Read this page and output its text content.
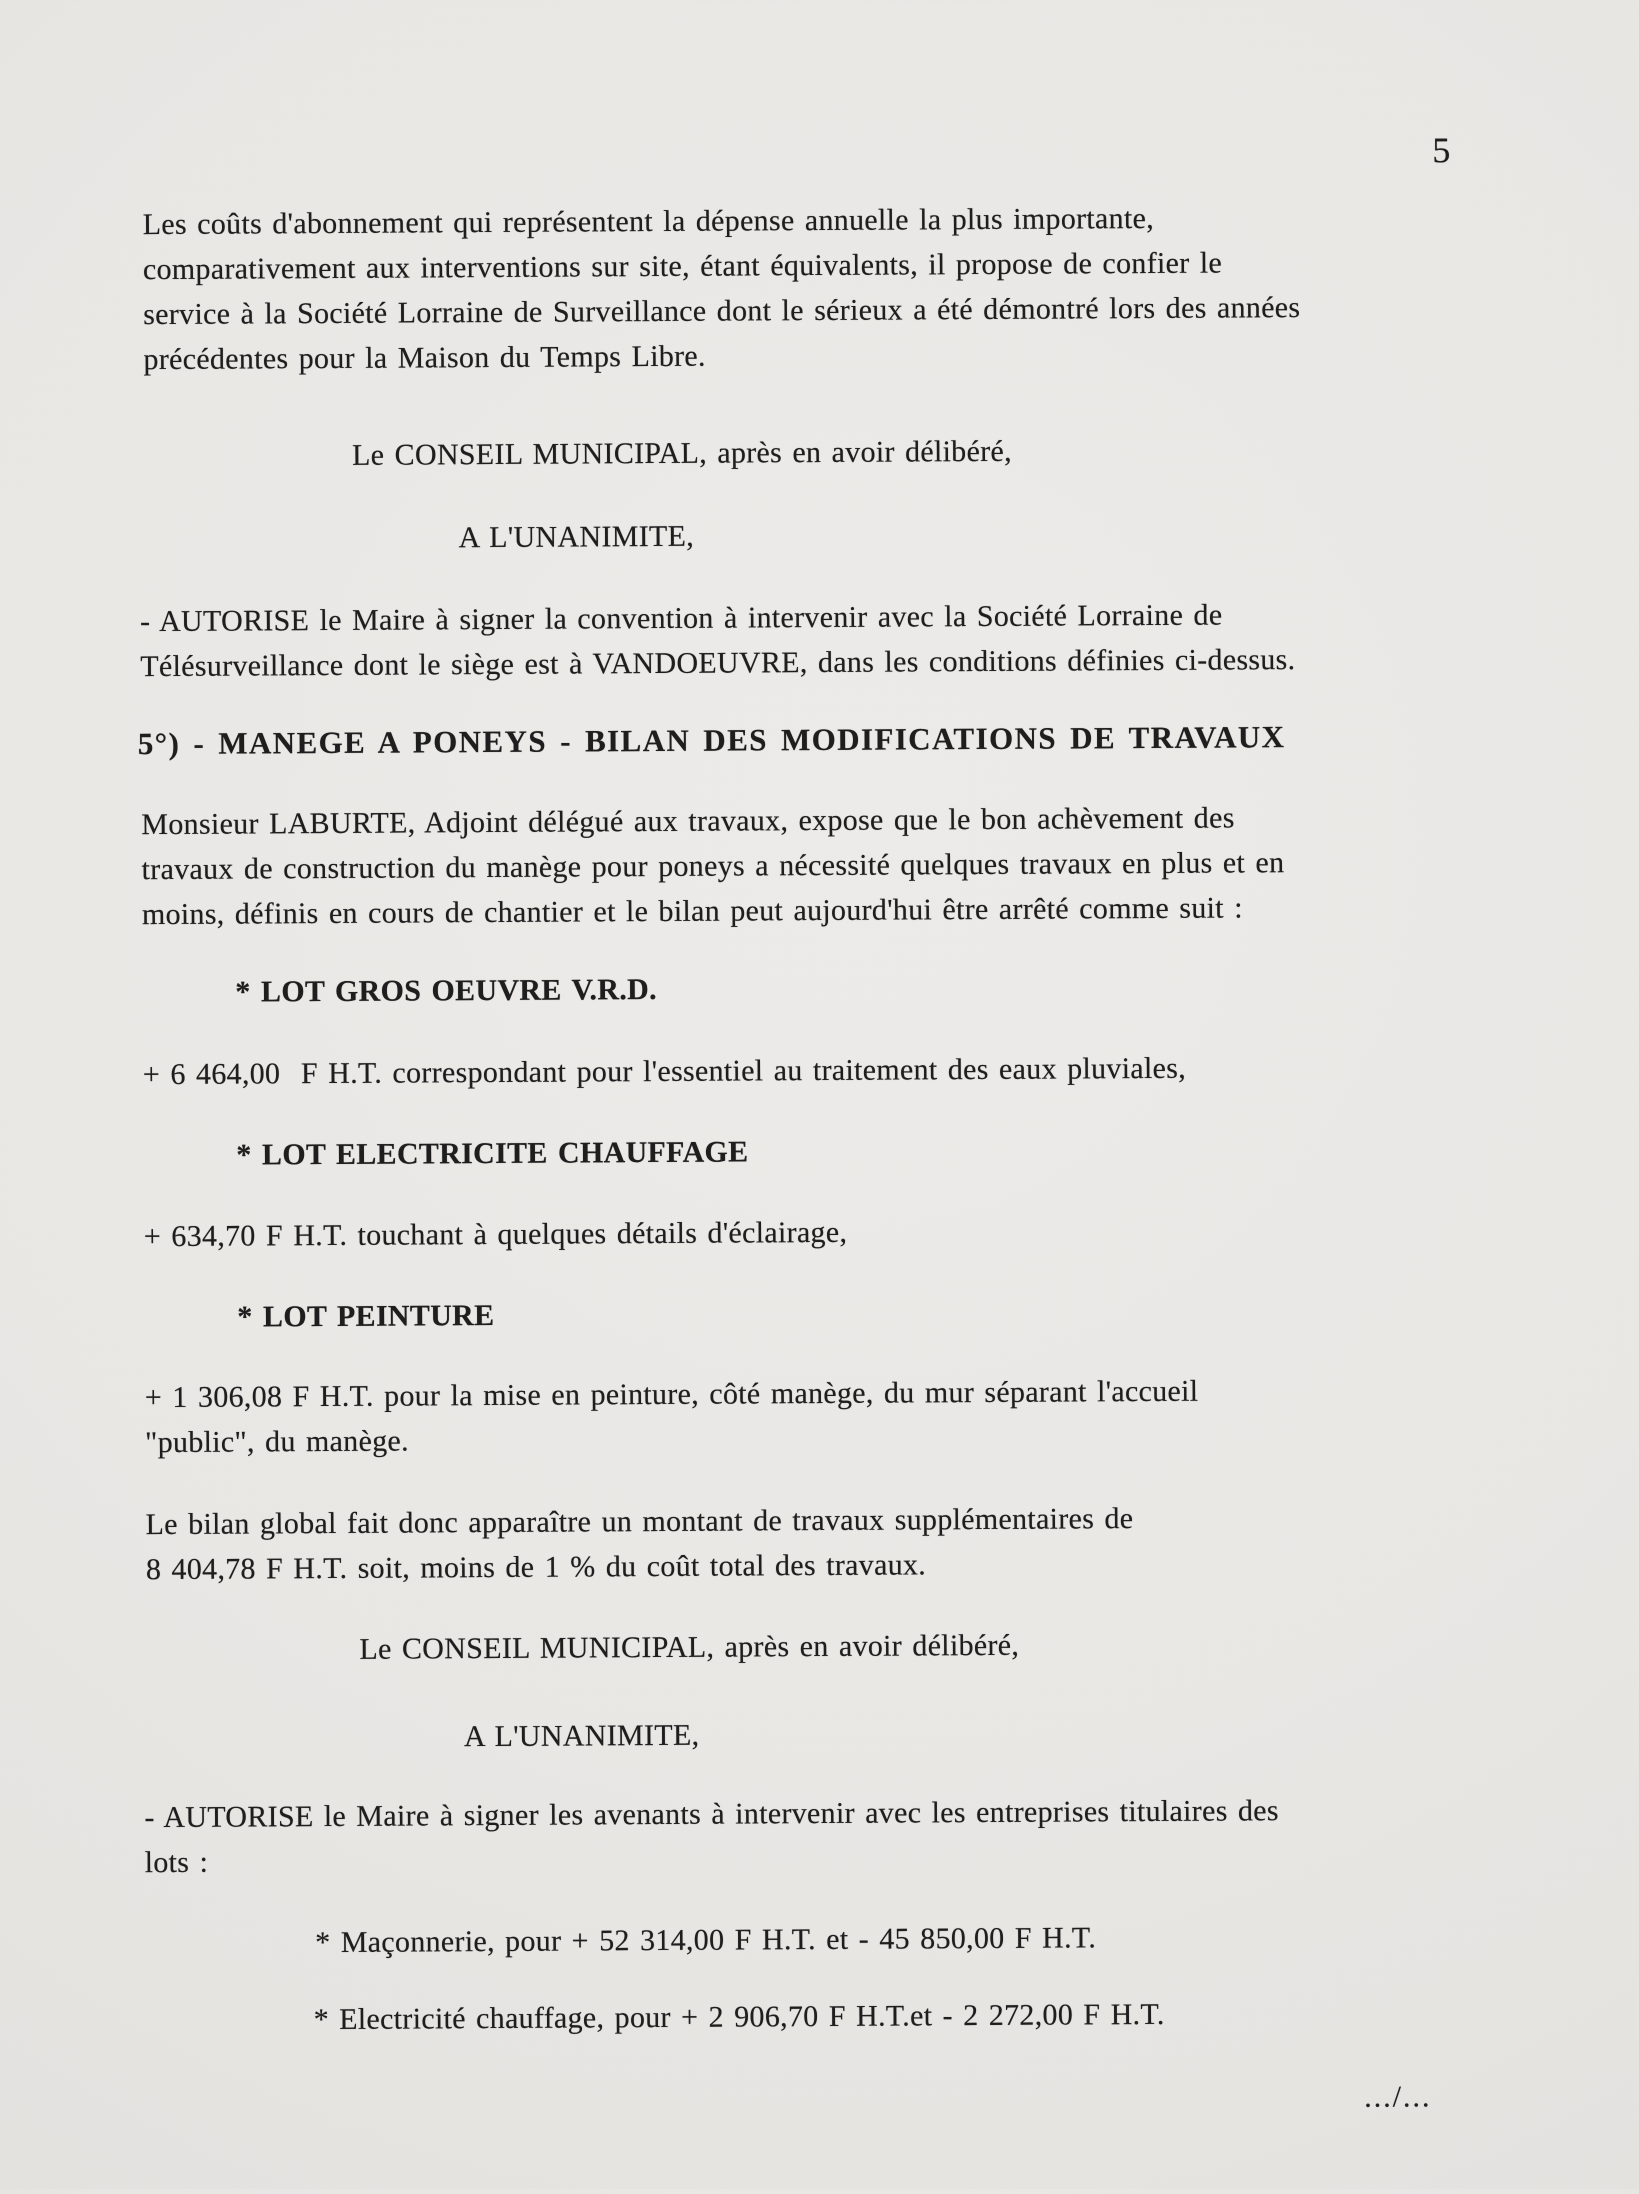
5
Les coûts d'abonnement qui représentent la dépense annuelle la plus importante,
comparativement aux interventions sur site, étant équivalents, il propose de confier le
service à la Société Lorraine de Surveillance dont le sérieux a été démontré lors des années
précédentes pour la Maison du Temps Libre.
Le CONSEIL MUNICIPAL, après en avoir délibéré,
A L'UNANIMITE,
- AUTORISE le Maire à signer la convention à intervenir avec la Société Lorraine de
Télésurveillance dont le siège est à VANDOEUVRE, dans les conditions définies ci-dessus.
5°) - MANEGE A PONEYS - BILAN DES MODIFICATIONS DE TRAVAUX
Monsieur LABURTE, Adjoint délégué aux travaux, expose que le bon achèvement des
travaux de construction du manège pour poneys a nécessité quelques travaux en plus et en
moins, définis en cours de chantier et le bilan peut aujourd'hui être arrêté comme suit :
* LOT GROS OEUVRE V.R.D.
+ 6 464,00  F H.T. correspondant pour l'essentiel au traitement des eaux pluviales,
* LOT ELECTRICITE CHAUFFAGE
+ 634,70 F H.T. touchant à quelques détails d'éclairage,
* LOT PEINTURE
+ 1 306,08 F H.T. pour la mise en peinture, côté manège, du mur séparant l'accueil
"public", du manège.
Le bilan global fait donc apparaître un montant de travaux supplémentaires de
8 404,78 F H.T. soit, moins de 1 % du coût total des travaux.
Le CONSEIL MUNICIPAL, après en avoir délibéré,
A L'UNANIMITE,
- AUTORISE le Maire à signer les avenants à intervenir avec les entreprises titulaires des
lots :
* Maçonnerie, pour + 52 314,00 F H.T. et - 45 850,00 F H.T.
* Electricité chauffage, pour + 2 906,70 F H.T.et - 2 272,00 F H.T.
.../...
